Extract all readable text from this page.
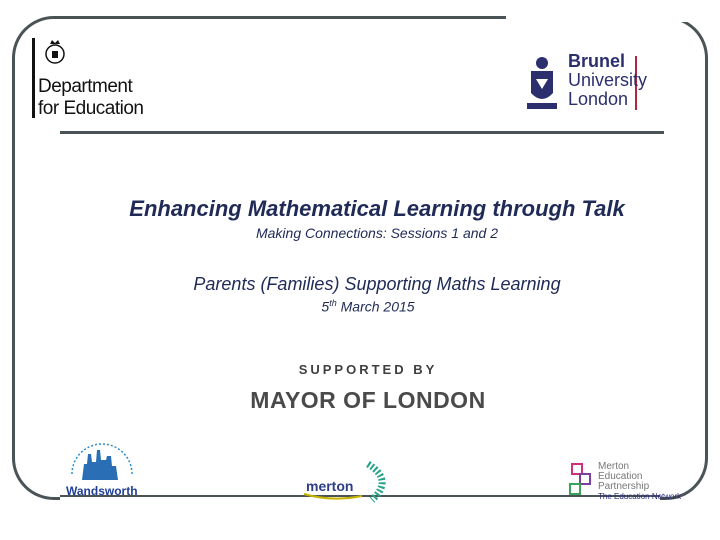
Department
for Education
Brunel
University
London
Enhancing Mathematical Learning through Talk
Making Connections: Sessions 1 and 2
Parents (Families) Supporting Maths Learning
5th March 2015
SUPPORTED BY
MAYOR OF LONDON
Wandsworth	merton
Merton
Education
Partnership
The Education Network
